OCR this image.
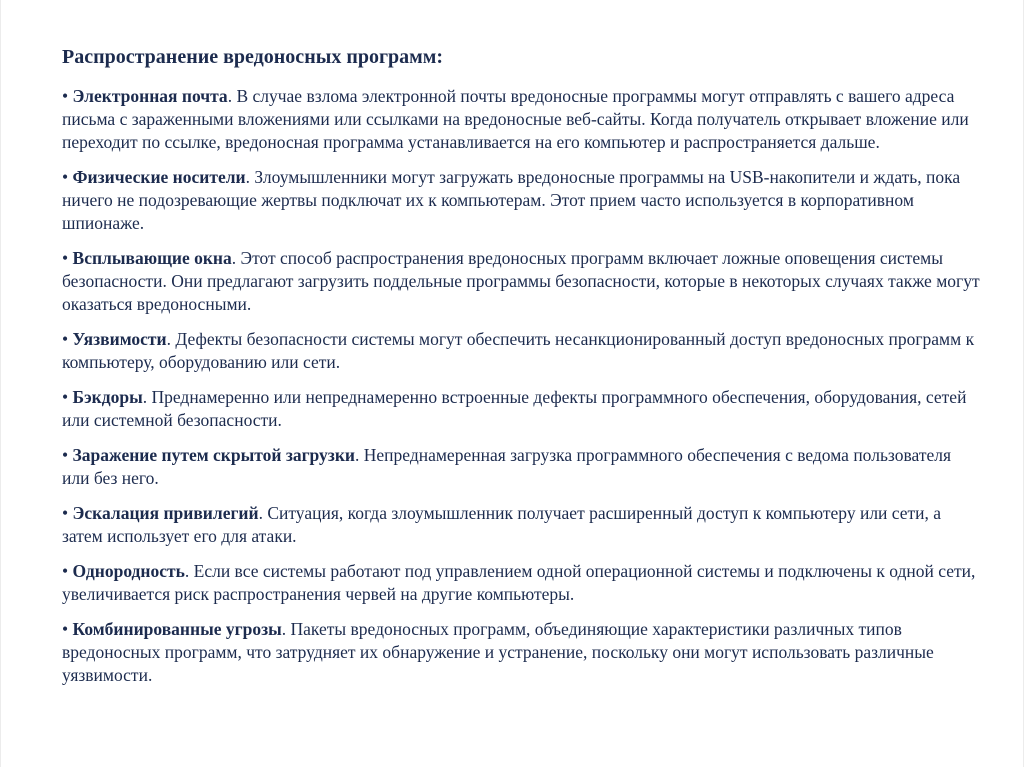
Распространение вредоносных программ:
• Электронная почта. В случае взлома электронной почты вредоносные программы могут отправлять с вашего адреса письма с зараженными вложениями или ссылками на вредоносные веб-сайты. Когда получатель открывает вложение или переходит по ссылке, вредоносная программа устанавливается на его компьютер и распространяется дальше.
• Физические носители. Злоумышленники могут загружать вредоносные программы на USB-накопители и ждать, пока ничего не подозревающие жертвы подключат их к компьютерам. Этот прием часто используется в корпоративном шпионаже.
• Всплывающие окна. Этот способ распространения вредоносных программ включает ложные оповещения системы безопасности. Они предлагают загрузить поддельные программы безопасности, которые в некоторых случаях также могут оказаться вредоносными.
• Уязвимости. Дефекты безопасности системы могут обеспечить несанкционированный доступ вредоносных программ к компьютеру, оборудованию или сети.
• Бэкдоры. Преднамеренно или непреднамеренно встроенные дефекты программного обеспечения, оборудования, сетей или системной безопасности.
• Заражение путем скрытой загрузки. Непреднамеренная загрузка программного обеспечения с ведома пользователя или без него.
• Эскалация привилегий. Ситуация, когда злоумышленник получает расширенный доступ к компьютеру или сети, а затем использует его для атаки.
• Однородность. Если все системы работают под управлением одной операционной системы и подключены к одной сети, увеличивается риск распространения червей на другие компьютеры.
• Комбинированные угрозы. Пакеты вредоносных программ, объединяющие характеристики различных типов вредоносных программ, что затрудняет их обнаружение и устранение, поскольку они могут использовать различные уязвимости.
